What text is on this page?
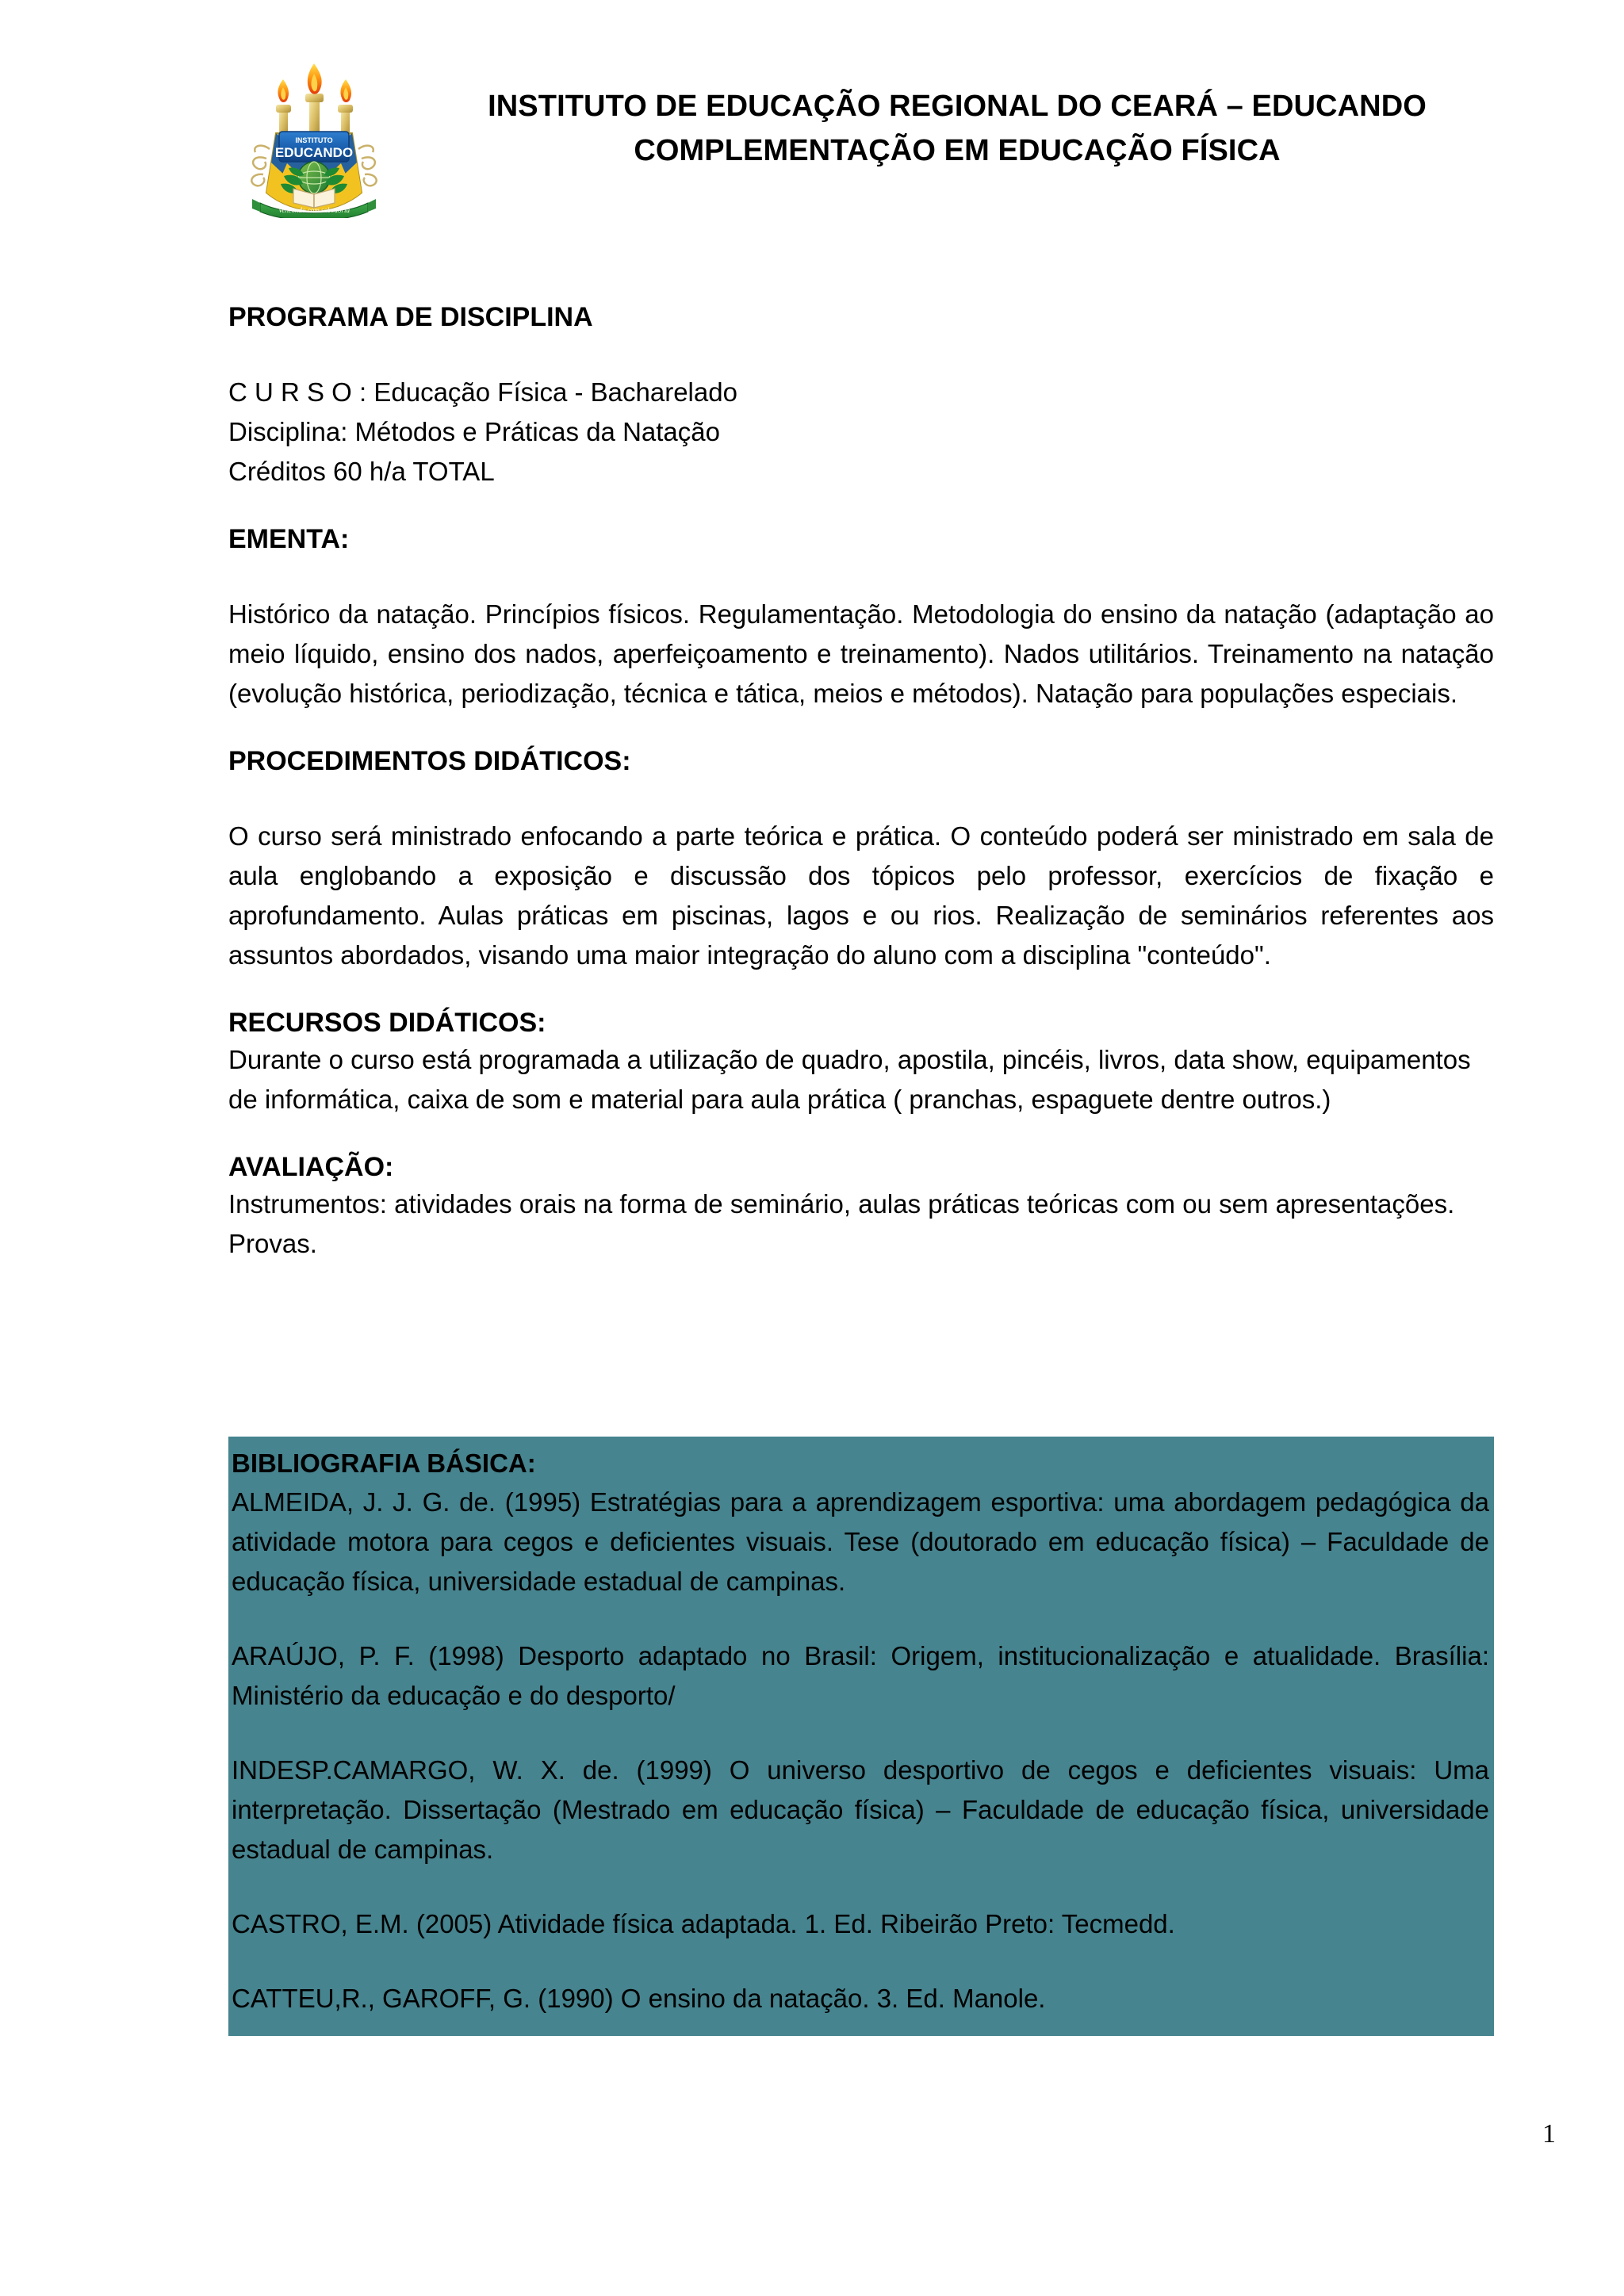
INSTITUTO
EDUCANDO
Vencendo com sabedoria
INSTITUTO DE EDUCAÇÃO REGIONAL DO CEARÁ – EDUCANDO
COMPLEMENTAÇÃO EM EDUCAÇÃO FÍSICA
PROGRAMA DE DISCIPLINA
C U R S O : Educação Física - Bacharelado
Disciplina: Métodos e Práticas da Natação
Créditos 60 h/a TOTAL
EMENTA:
Histórico da natação. Princípios físicos. Regulamentação. Metodologia do ensino da natação (adaptação ao meio líquido, ensino dos nados, aperfeiçoamento e treinamento). Nados utilitários. Treinamento na natação (evolução histórica, periodização, técnica e tática, meios e métodos). Natação para populações especiais.
PROCEDIMENTOS DIDÁTICOS:
O curso será ministrado enfocando a parte teórica e prática. O conteúdo poderá ser ministrado em sala de aula englobando a exposição e discussão dos tópicos pelo professor, exercícios de fixação e aprofundamento. Aulas práticas em piscinas, lagos e ou rios. Realização de seminários referentes aos assuntos abordados, visando uma maior integração do aluno com a disciplina "conteúdo".
RECURSOS DIDÁTICOS:
Durante o curso está programada a utilização de quadro, apostila, pincéis, livros, data show, equipamentos de informática, caixa de som e material para aula prática ( pranchas, espaguete dentre outros.)
AVALIAÇÃO:
Instrumentos: atividades orais na forma de seminário, aulas práticas teóricas com ou sem apresentações. Provas.
BIBLIOGRAFIA BÁSICA:
ALMEIDA, J. J. G. de. (1995) Estratégias para a aprendizagem esportiva: uma abordagem pedagógica da atividade motora para cegos e deficientes visuais. Tese (doutorado em educação física) – Faculdade de educação física, universidade estadual de campinas.
ARAÚJO, P. F. (1998) Desporto adaptado no Brasil: Origem, institucionalização e atualidade. Brasília: Ministério da educação e do desporto/
INDESP.CAMARGO, W. X. de. (1999) O universo desportivo de cegos e deficientes visuais: Uma interpretação. Dissertação (Mestrado em educação física) – Faculdade de educação física, universidade estadual de campinas.
CASTRO, E.M. (2005) Atividade física adaptada. 1. Ed. Ribeirão Preto: Tecmedd.
CATTEU,R., GAROFF, G. (1990) O ensino da natação. 3. Ed. Manole.
1
